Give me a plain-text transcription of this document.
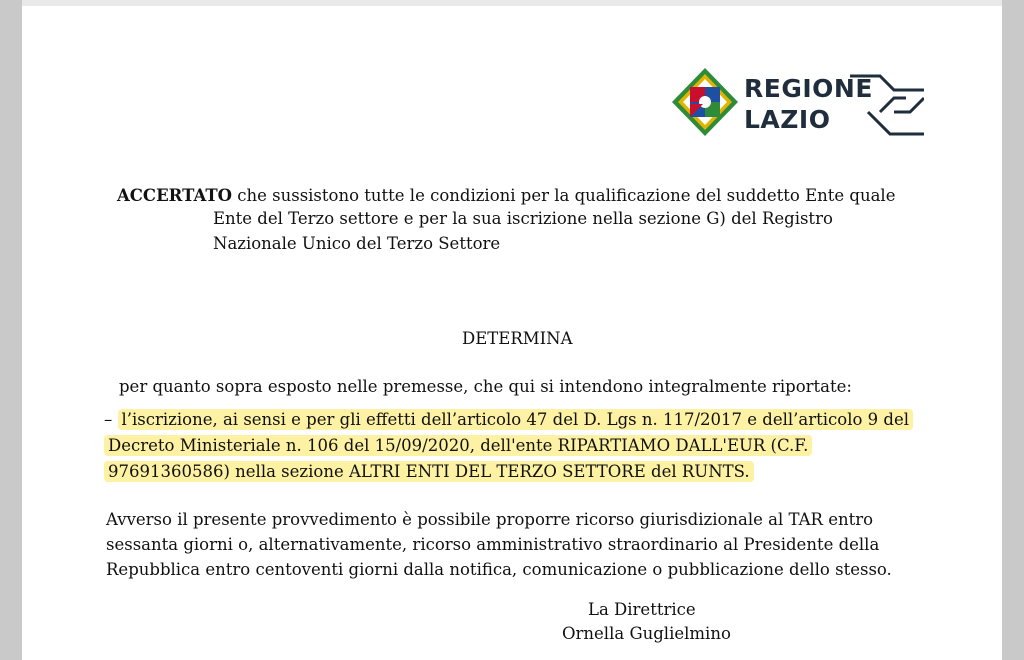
REGIONE
LAZIO
ACCERTATO che sussistono tutte le condizioni per la qualificazione del suddetto Ente quale
Ente del Terzo settore e per la sua iscrizione nella sezione G) del Registro
Nazionale Unico del Terzo Settore
DETERMINA
per quanto sopra esposto nelle premesse, che qui si intendono integralmente riportate:
– l’iscrizione, ai sensi e per gli effetti dell’articolo 47 del D. Lgs n. 117/2017 e dell’articolo 9 del
Decreto Ministeriale n. 106 del 15/09/2020, dell'ente RIPARTIAMO DALL'EUR (C.F.
97691360586) nella sezione ALTRI ENTI DEL TERZO SETTORE del RUNTS.
Avverso il presente provvedimento è possibile proporre ricorso giurisdizionale al TAR entro
sessanta giorni o, alternativamente, ricorso amministrativo straordinario al Presidente della
Repubblica entro centoventi giorni dalla notifica, comunicazione o pubblicazione dello stesso.
La Direttrice
Ornella Guglielmino
